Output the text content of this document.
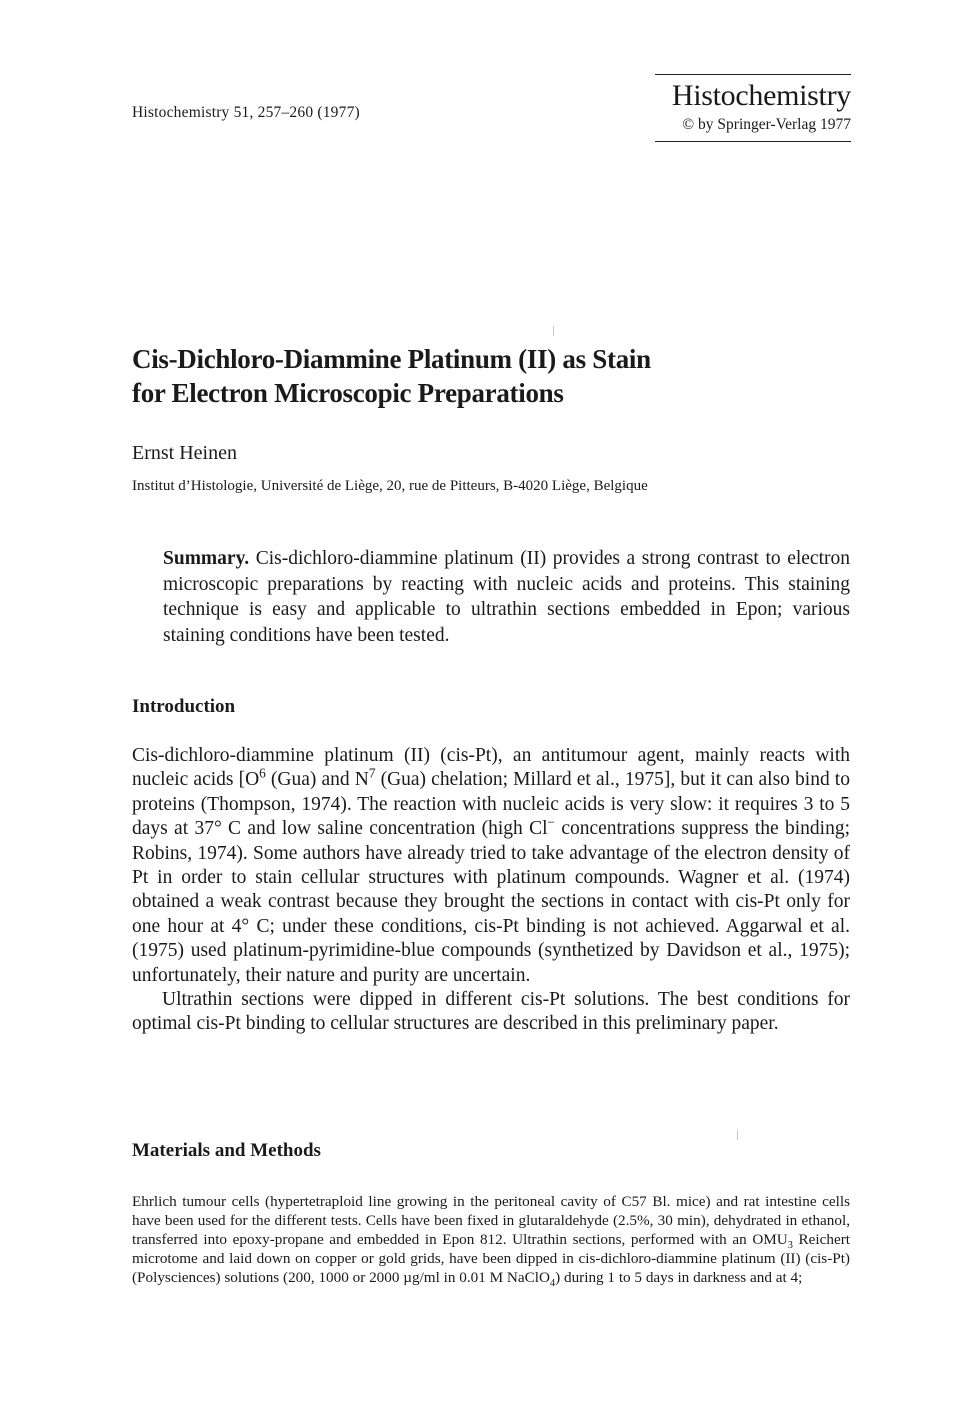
Histochemistry 51, 257–260 (1977)
Histochemistry
© by Springer-Verlag 1977
Cis-Dichloro-Diammine Platinum (II) as Stain
for Electron Microscopic Preparations
Ernst Heinen
Institut d’Histologie, Université de Liège, 20, rue de Pitteurs, B-4020 Liège, Belgique
Summary. Cis-dichloro-diammine platinum (II) provides a strong contrast to electron microscopic preparations by reacting with nucleic acids and proteins. This staining technique is easy and applicable to ultrathin sections embedded in Epon; various staining conditions have been tested.
Introduction

Cis-dichloro-diammine platinum (II) (cis-Pt), an antitumour agent, mainly reacts with nucleic acids [$O^6$ (Gua) and $N^7$ (Gua) chelation; Millard et al., 1975], but it can also bind to proteins (Thompson, 1974). The reaction with nucleic acids is very slow: it requires 3 to 5 days at 37° C and low saline concentration (high Cl− concentrations suppress the binding; Robins, 1974). Some authors have already tried to take advantage of the electron density of Pt in order to stain cellular structures with platinum compounds. Wagner et al. (1974) obtained a weak contrast because they brought the sections in contact with cis-Pt only for one hour at 4° C; under these conditions, cis-Pt binding is not achieved. Aggarwal et al. (1975) used platinum-pyrimidine-blue compounds (synthetized by Davidson et al., 1975); unfortunately, their nature and purity are uncertain.

Ultrathin sections were dipped in different cis-Pt solutions. The best conditions for optimal cis-Pt binding to cellular structures are described in this preliminary paper.

Materials and Methods
Ehrlich tumour cells (hypertetraploid line growing in the peritoneal cavity of C57 Bl. mice) and rat intestine cells have been used for the different tests. Cells have been fixed in glutaraldehyde (2.5%, 30 min), dehydrated in ethanol, transferred into epoxy-propane and embedded in Epon 812. Ultrathin sections, performed with an $OMU_3$ Reichert microtome and laid down on copper or gold grids, have been dipped in cis-dichloro-diammine platinum (II) (cis-Pt) (Polysciences) solutions (200, 1000 or 2000 µg/ml in 0.01 M NaClO$_4$) during 1 to 5 days in darkness and at 4;
